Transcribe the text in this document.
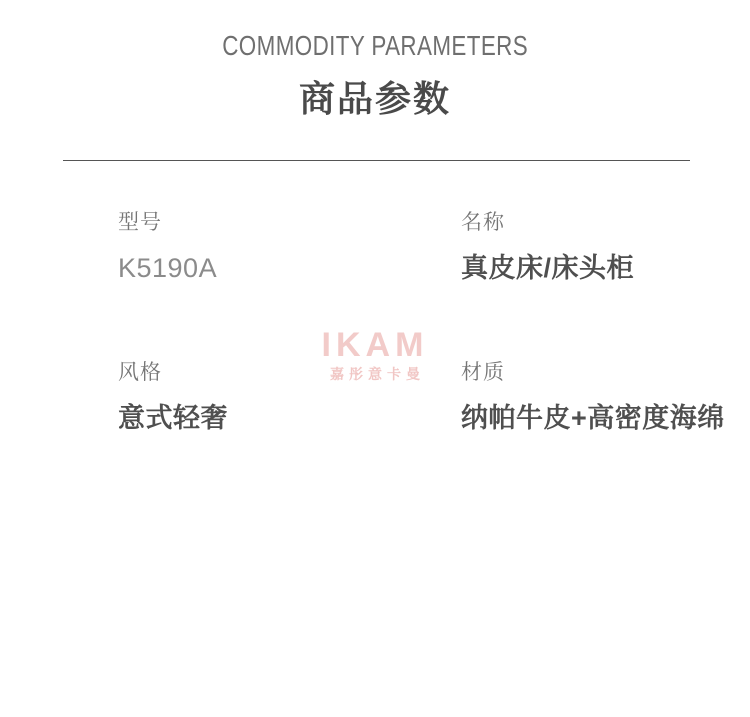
COMMODITY PARAMETERS
商品参数
IKAM
嘉彤意卡曼
型号
K5190A
名称
真皮床/床头柜
风格
意式轻奢
材质
纳帕牛皮+高密度海绵
